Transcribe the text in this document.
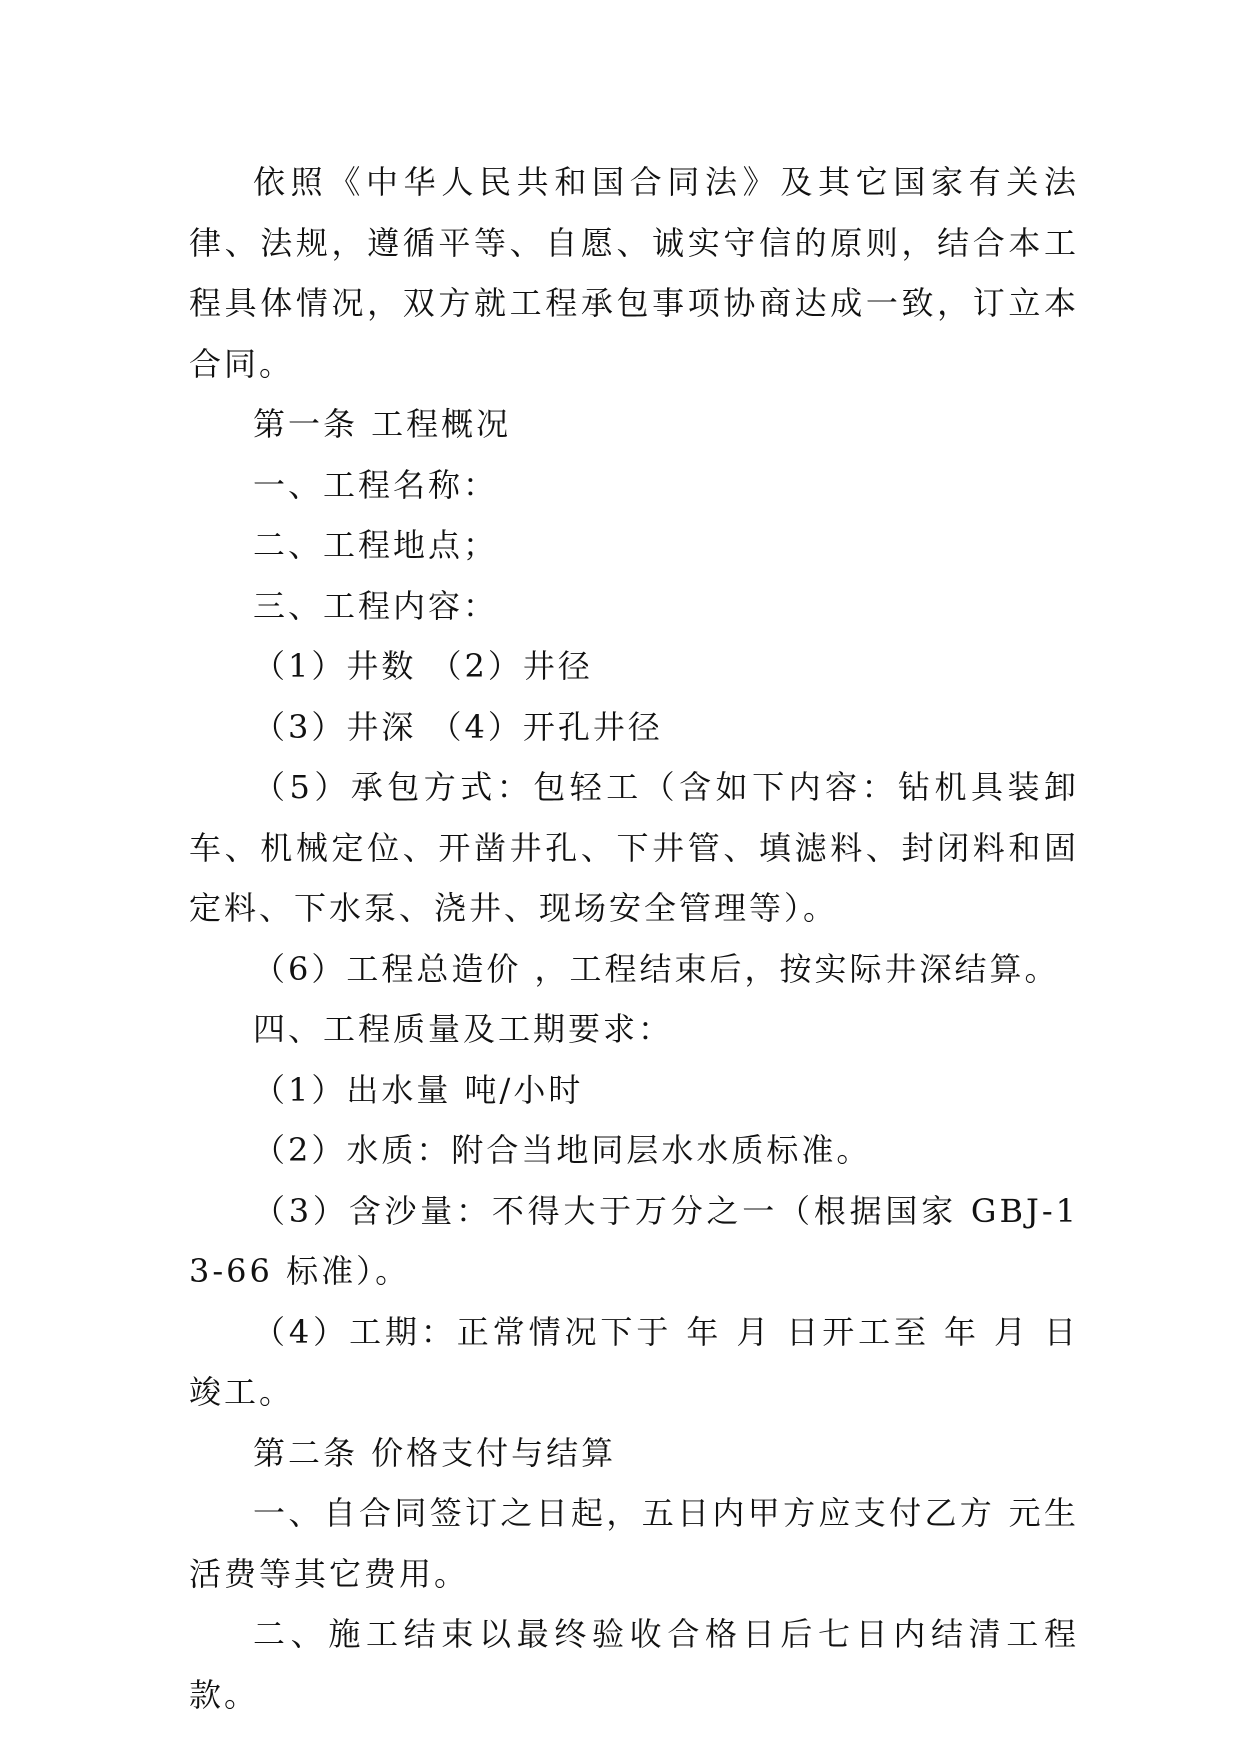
依照《中华人民共和国合同法》及其它国家有关法律、法规，遵循平等、自愿、诚实守信的原则，结合本工程具体情况，双方就工程承包事项协商达成一致，订立本合同。

第一条 工程概况

一、工程名称：

二、工程地点；

三、工程内容：

（1）井数 （2）井径

（3）井深 （4）开孔井径

（5）承包方式：包轻工（含如下内容：钻机具装卸车、机械定位、开凿井孔、下井管、填滤料、封闭料和固定料、下水泵、浇井、现场安全管理等）。

（6）工程总造价 ，工程结束后，按实际井深结算。

四、工程质量及工期要求：

（1）出水量 吨/小时

（2）水质：附合当地同层水水质标准。

（3）含沙量：不得大于万分之一（根据国家 GBJ-13-66 标准）。

（4）工期：正常情况下于 年 月 日开工至 年 月 日竣工。

第二条 价格支付与结算

一、自合同签订之日起，五日内甲方应支付乙方 元生活费等其它费用。

二、施工结束以最终验收合格日后七日内结清工程款。
